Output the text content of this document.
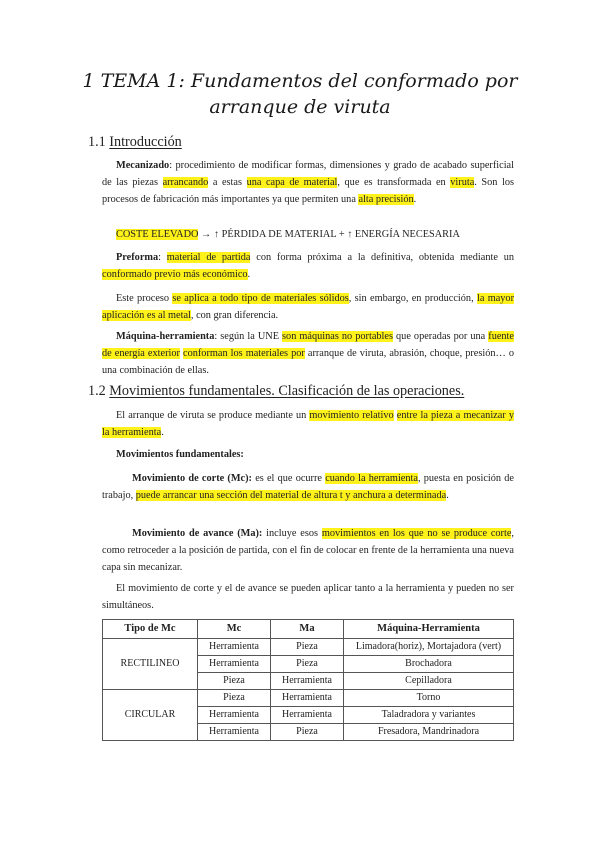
1 TEMA 1: Fundamentos del conformado por arranque de viruta
1.1 Introducción
Mecanizado: procedimiento de modificar formas, dimensiones y grado de acabado superficial de las piezas arrancando a estas una capa de material, que es transformada en viruta. Son los procesos de fabricación más importantes ya que permiten una alta precisión.
COSTE ELEVADO → ↑ PÉRDIDA DE MATERIAL + ↑ ENERGÍA NECESARIA
Preforma: material de partida con forma próxima a la definitiva, obtenida mediante un conformado previo más económico.
Este proceso se aplica a todo tipo de materiales sólidos, sin embargo, en producción, la mayor aplicación es al metal, con gran diferencia.
Máquina-herramienta: según la UNE son máquinas no portables que operadas por una fuente de energía exterior conforman los materiales por arranque de viruta, abrasión, choque, presión… o una combinación de ellas.
1.2 Movimientos fundamentales. Clasificación de las operaciones.
El arranque de viruta se produce mediante un movimiento relativo entre la pieza a mecanizar y la herramienta.
Movimientos fundamentales:
Movimiento de corte (Mc): es el que ocurre cuando la herramienta, puesta en posición de trabajo, puede arrancar una sección del material de altura t y anchura a determinada.
Movimiento de avance (Ma): incluye esos movimientos en los que no se produce corte, como retroceder a la posición de partida, con el fin de colocar en frente de la herramienta una nueva capa sin mecanizar.
El movimiento de corte y el de avance se pueden aplicar tanto a la herramienta y pueden no ser simultáneos.
Tipo de Mc	Mc	Ma	Máquina-Herramienta
RECTILINEO	Herramienta	Pieza	Limadora(horiz), Mortajadora (vert)
	Herramienta	Pieza	Brochadora
	Pieza	Herramienta	Cepilladora
CIRCULAR	Pieza	Herramienta	Torno
	Herramienta	Herramienta	Taladradora y variantes
	Herramienta	Pieza	Fresadora, Mandrinadora
